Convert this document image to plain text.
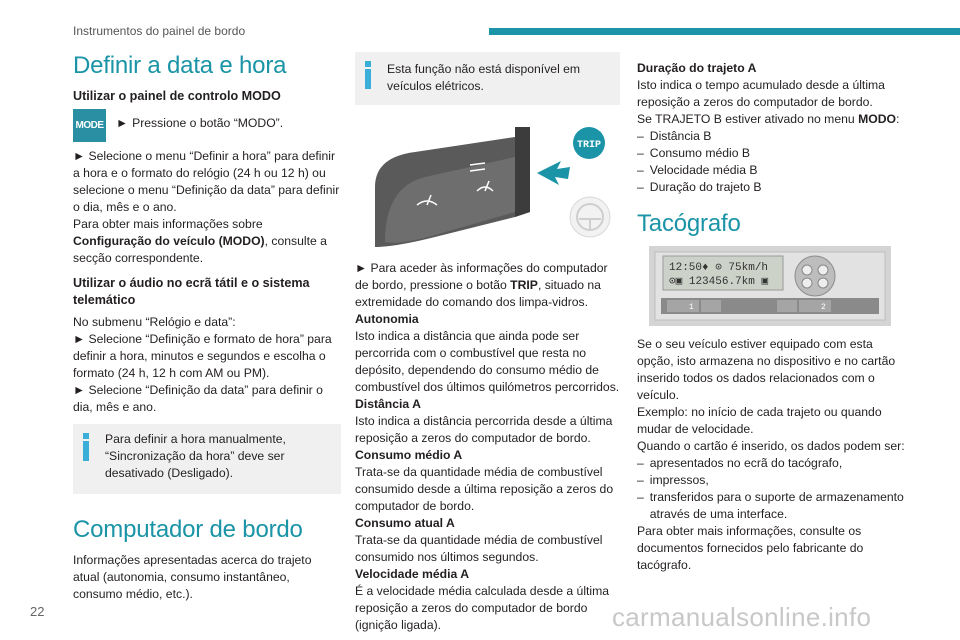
Instrumentos do painel de bordo
Definir a data e hora
Utilizar o painel de controlo MODO
MODE ► Pressione o botão “MODO”.

► Selecione o menu “Definir a hora” para definir a hora e o formato do relógio (24 h ou 12 h) ou selecione o menu “Definição da data” para definir o dia, mês e o ano.

Para obter mais informações sobre Configuração do veículo (MODO), consulte a secção correspondente.

Utilizar o áudio no ecrã tátil e o sistema telemático

No submenu “Relógio e data”:

► Selecione “Definição e formato de hora” para definir a hora, minutos e segundos e escolha o formato (24 h, 12 h com AM ou PM).

► Selecione “Definição da data” para definir o dia, mês e ano.

Para definir a hora manualmente, “Sincronização da hora” deve ser desativado (Desligado).

Computador de bordo

Informações apresentadas acerca do trajeto atual (autonomia, consumo instantâneo, consumo médio, etc.).

Esta função não está disponível em veículos elétricos.

TRIP

► Para aceder às informações do computador de bordo, pressione o botão TRIP, situado na extremidade do comando dos limpa-vidros.

Autonomia

Isto indica a distância que ainda pode ser percorrida com o combustível que resta no depósito, dependendo do consumo médio de combustível dos últimos quilómetros percorridos.

Distância A

Isto indica a distância percorrida desde a última reposição a zeros do computador de bordo.

Consumo médio A

Trata-se da quantidade média de combustível consumido desde a última reposição a zeros do computador de bordo.

Consumo atual A

Trata-se da quantidade média de combustível consumido nos últimos segundos.

Velocidade média A

É a velocidade média calculada desde a última reposição a zeros do computador de bordo (ignição ligada).

Duração do trajeto A

Isto indica o tempo acumulado desde a última reposição a zeros do computador de bordo.

Se TRAJETO B estiver ativado no menu MODO:

– Distância B
– Consumo médio B
– Velocidade média B
– Duração do trajeto B
Tacógrafo
12:50♦ ⊙ 75km/h
⊙▣ 123456.7km ▣
1	2

Se o seu veículo estiver equipado com esta opção, isto armazena no dispositivo e no cartão inserido todos os dados relacionados com o veículo.

Exemplo: no início de cada trajeto ou quando mudar de velocidade.

Quando o cartão é inserido, os dados podem ser:

– apresentados no ecrã do tacógrafo,
– impressos,
– transferidos para o suporte de armazenamento através de uma interface.

Para obter mais informações, consulte os documentos fornecidos pelo fabricante do tacógrafo.

22	carmanualsonline.info
